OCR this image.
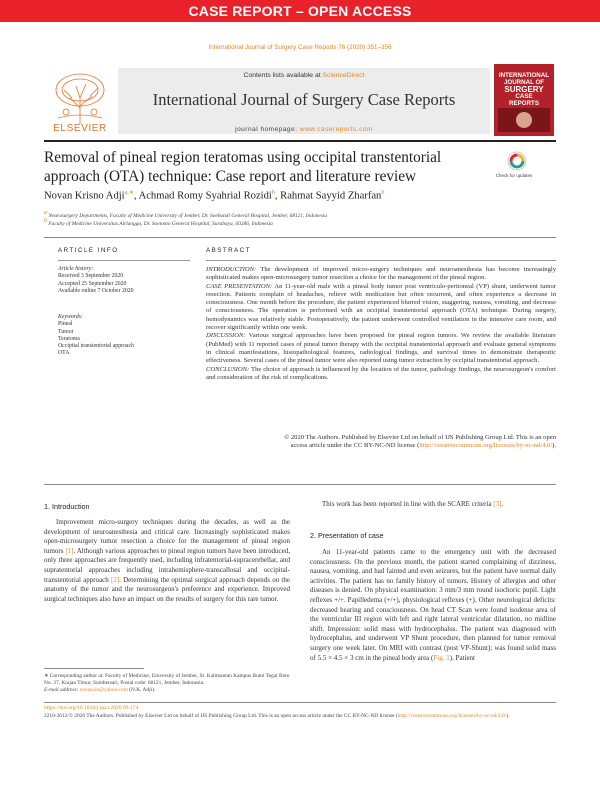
CASE REPORT – OPEN ACCESS
International Journal of Surgery Case Reports 76 (2020) 351–356
ELSEVIER
Contents lists available at ScienceDirect
International Journal of Surgery Case Reports
journal homepage: www.casereports.com
INTERNATIONAL
JOURNAL OF
SURGERY
CASE
REPORTS
Removal of pineal region teratomas using occipital transtentorial approach (OTA) technique: Case report and literature review	Check for updates
Novan Krisno Adji$^{a,∗}$, Achmad Romy Syahrial Rozidi$^b$, Rahmat Sayyid Zharfan$^b$
$^a$ Neurosurgery Departments, Faculty of Medicine University of Jember, Dr. Soebandi General Hospital, Jember, 68121, Indonesia
$^b$ Faculty of Medicine Universitas Airlangga, Dr. Soetomo General Hospital, Surabaya, 60286, Indonesia
ARTICLE INFO	ABSTRACT
Article history:
Received 3 September 2020
Accepted 25 September 2020
Available online 7 October 2020
Keywords:
Pineal
Tumor
Teratoma
Occipital transtentorial approach
OTA

INTRODUCTION: The development of improved micro-surgery techniques and neuroanesthesia has become increasingly sophisticated makes open-microsurgery tumor resection a choice for the management of the pineal region.

CASE PRESENTATION: An 11-year-old male with a pineal body tumor post ventriculo-peritoneal (VP) shunt, underwent tumor resection. Patients complain of headaches, relieve with medication but often recurrent, and often experience a decrease in consciousness. One month before the procedure, the patient experienced blurred vision, staggering, nausea, vomiting, and decrease of consciousness. The operation is performed with an occipital transtentorial approach (OTA) technique. During surgery, hemodynamics was relatively stable. Postoperatively, the patient underwent controlled ventilation in the intensive care room, and recover significantly within one week.

DISCUSSION: Various surgical approaches have been proposed for pineal region tumors. We review the available literature (PubMed) with 11 reported cases of pineal tumor therapy with the occipital transtentorial approach and evaluate general symptoms in clinical manifestations, histopathological features, radiological findings, and survival times to demonstrate therapeutic effectiveness. Several cases of the pineal tumor were also reported using tumor extraction by occipital transtentorial approach.

CONCLUSION: The choice of approach is influenced by the location of the tumor, pathology findings, the neurosurgeon's comfort and consideration of the risk of complications.

© 2020 The Authors. Published by Elsevier Ltd on behalf of IJS Publishing Group Ltd. This is an open
access article under the CC BY-NC-ND license (http://creativecommons.org/licenses/by-nc-nd/4.0/).
1. Introduction
Improvement micro-surgery techniques during the decades, as well as the development of neuroanesthesia and critical care. Increasingly sophisticated makes open-microsurgery tumor resection a choice for the management of pineal region tumors [1]. Although various approaches to pineal region tumors have been introduced, only three approaches are frequently used, including infratentorial-supracerebellar, and supratentorial approaches including intrahemisphere-transcallosal and occipital-transtentorial approach [2]. Determining the optimal surgical approach depends on the anatomy of the tumor and the neurosurgeon's preference and experience. Improved surgical techniques also have an impact on the results of surgery for this rare tumor.
This work has been reported in line with the SCARE criteria [3].
2. Presentation of case
An 11-year-old patients came to the emergency unit with the decreased consciousness. On the previous month, the patient started complaining of dizziness, nausea, vomiting, and had fainted and even seizures, but the patient have normal daily activities. The patient has no family history of tumors. History of allergies and other diseases is denied. On physical examination: 3 mm/3 mm round isochoric pupil. Light reflexes +/+. Papilledema (+/+), physiological reflexes (+). Other neurological deficits: decreased hearing and consciousness. On head CT Scan were found isodense area of the ventricular III region with left and right lateral ventricular dilatation, no midline shift. Impression: solid mass with hydrocephalus. The patient was diagnosed with hydrocephalus, and underwent VP Shunt procedure, then planned for tumor removal surgery one week later. On MRI with contrast (post VP-Shunt); was found solid mass of 5.5 × 4.5 × 3 cm in the pineal body area (Fig. 1). Patient
∗ Corresponding author at: Faculty of Medicine, University of Jember, St. Kalimantan Kampus Bumi Tegal Boto No. 37, Krajan Timur, Sumbersari, Postal code: 68121, Jember, Indonesia.
E-mail address: novan.ks@yahoo.com (N.K. Adji).
https://doi.org/10.1016/j.ijscr.2020.09.174
2210-2612/© 2020 The Authors. Published by Elsevier Ltd on behalf of IJS Publishing Group Ltd. This is an open access article under the CC BY-NC-ND license (http://creativecommons.org/licenses/by-nc-nd/4.0/).
